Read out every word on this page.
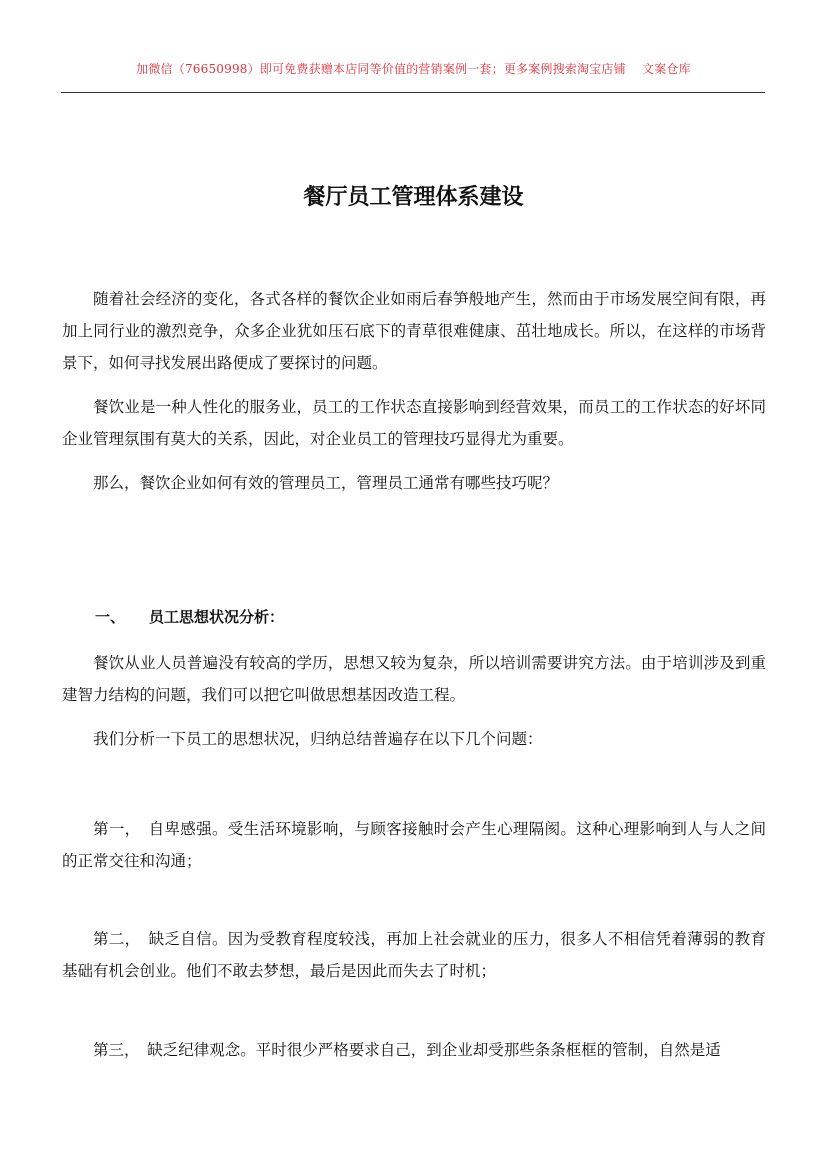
加微信（76650998）即可免费获赠本店同等价值的营销案例一套；更多案例搜索淘宝店铺　 文案仓库
餐厅员工管理体系建设

随着社会经济的变化，各式各样的餐饮企业如雨后春笋般地产生，然而由于市场发展空间有限，再加上同行业的激烈竞争，众多企业犹如压石底下的青草很难健康、茁壮地成长。所以，在这样的市场背景下，如何寻找发展出路便成了要探讨的问题。

餐饮业是一种人性化的服务业，员工的工作状态直接影响到经营效果，而员工的工作状态的好坏同企业管理氛围有莫大的关系，因此，对企业员工的管理技巧显得尤为重要。

那么，餐饮企业如何有效的管理员工，管理员工通常有哪些技巧呢？

一、 员工思想状况分析：

餐饮从业人员普遍没有较高的学历，思想又较为复杂，所以培训需要讲究方法。由于培训涉及到重建智力结构的问题，我们可以把它叫做思想基因改造工程。

我们分析一下员工的思想状况，归纳总结普遍存在以下几个问题：

第一，　自卑感强。受生活环境影响，与顾客接触时会产生心理隔阂。这种心理影响到人与人之间的正常交往和沟通；

第二，　缺乏自信。因为受教育程度较浅，再加上社会就业的压力，很多人不相信凭着薄弱的教育基础有机会创业。他们不敢去梦想，最后是因此而失去了时机；

第三，　缺乏纪律观念。平时很少严格要求自己，到企业却受那些条条框框的管制，自然是适
